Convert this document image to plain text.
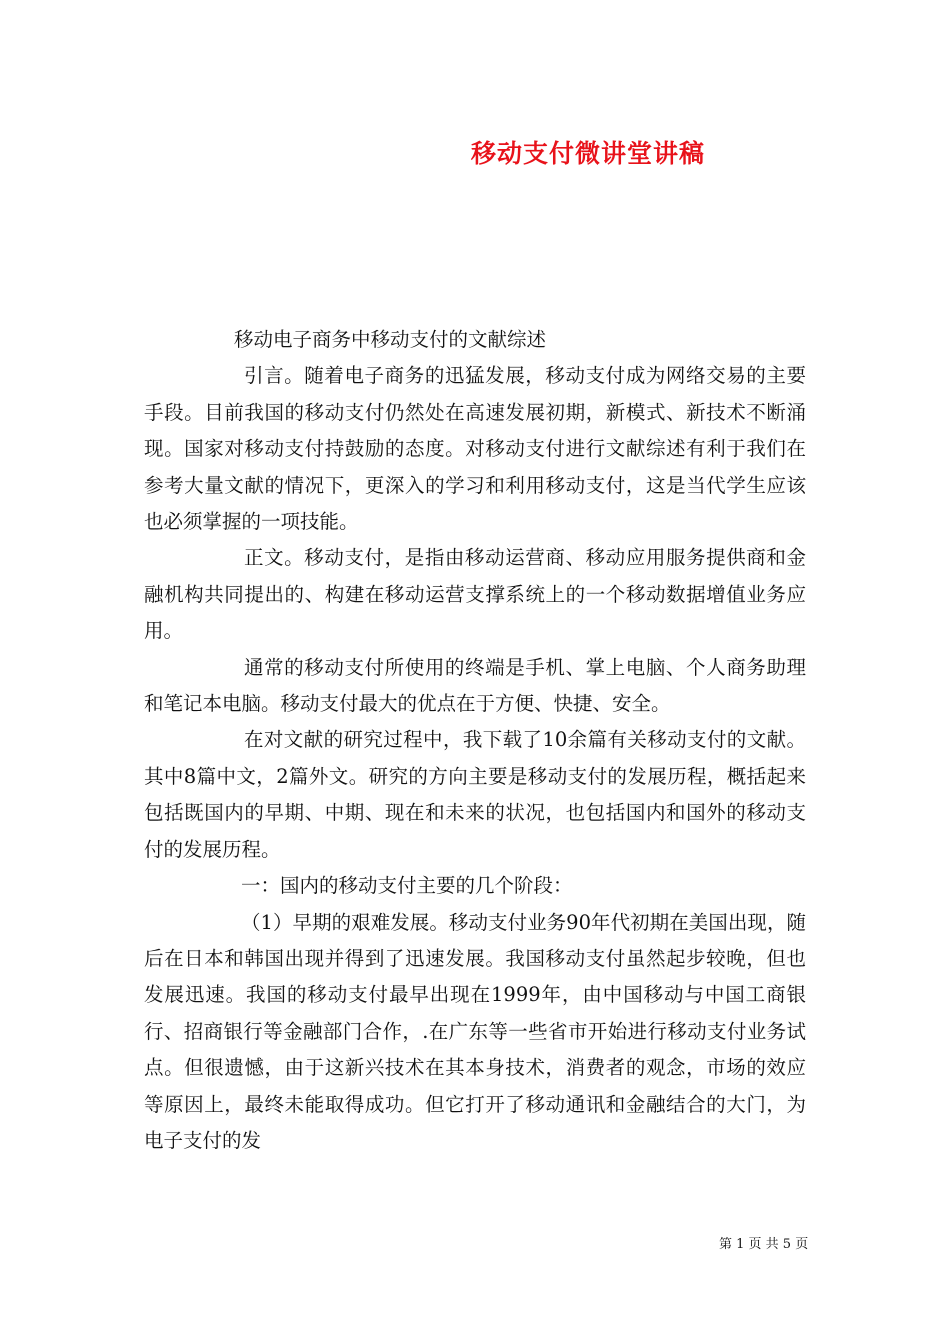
移动支付微讲堂讲稿

移动电子商务中移动支付的文献综述

引言。随着电子商务的迅猛发展，移动支付成为网络交易的主要手段。目前我国的移动支付仍然处在高速发展初期，新模式、新技术不断涌现。国家对移动支付持鼓励的态度。对移动支付进行文献综述有利于我们在参考大量文献的情况下，更深入的学习和利用移动支付，这是当代学生应该也必须掌握的一项技能。

正文。移动支付，是指由移动运营商、移动应用服务提供商和金融机构共同提出的、构建在移动运营支撑系统上的一个移动数据增值业务应用。

通常的移动支付所使用的终端是手机、掌上电脑、个人商务助理和笔记本电脑。移动支付最大的优点在于方便、快捷、安全。

在对文献的研究过程中，我下载了10余篇有关移动支付的文献。其中8篇中文，2篇外文。研究的方向主要是移动支付的发展历程，概括起来包括既国内的早期、中期、现在和未来的状况，也包括国内和国外的移动支付的发展历程。

一：国内的移动支付主要的几个阶段：

（1）早期的艰难发展。移动支付业务90年代初期在美国出现，随后在日本和韩国出现并得到了迅速发展。我国移动支付虽然起步较晚，但也发展迅速。我国的移动支付最早出现在1999年，由中国移动与中国工商银行、招商银行等金融部门合作，.在广东等一些省市开始进行移动支付业务试点。但很遗憾，由于这新兴技术在其本身技术，消费者的观念，市场的效应等原因上，最终未能取得成功。但它打开了移动通讯和金融结合的大门，为电子支付的发

第 1 页 共 5 页
